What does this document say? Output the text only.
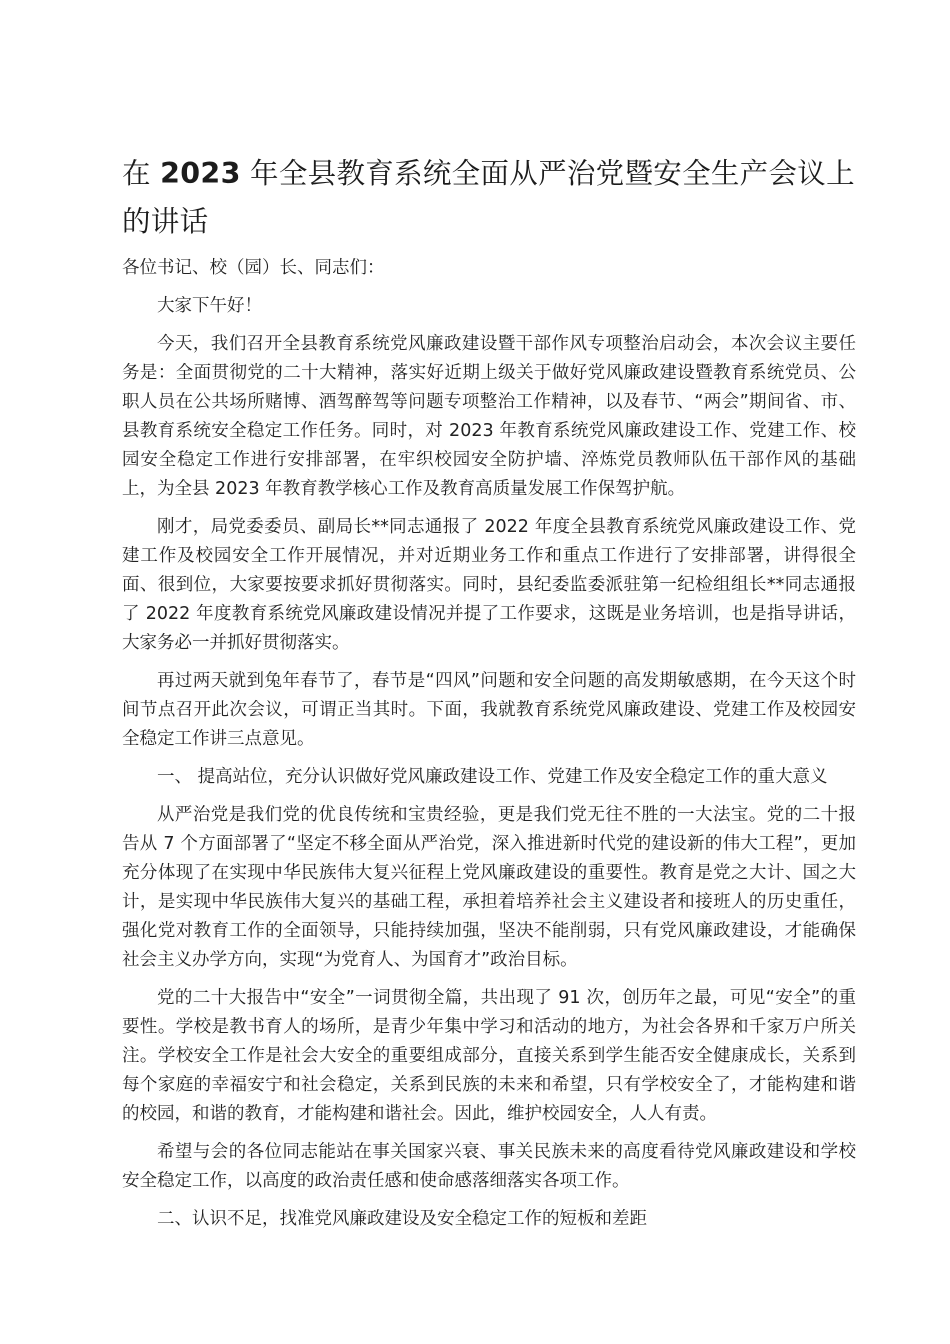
在 2023 年全县教育系统全面从严治党暨安全生产会议上的讲话

各位书记、校（园）长、同志们：

大家下午好！

今天，我们召开全县教育系统党风廉政建设暨干部作风专项整治启动会，本次会议主要任务是：全面贯彻党的二十大精神，落实好近期上级关于做好党风廉政建设暨教育系统党员、公职人员在公共场所赌博、酒驾醉驾等问题专项整治工作精神，以及春节、“两会”期间省、市、县教育系统安全稳定工作任务。同时，对 2023 年教育系统党风廉政建设工作、党建工作、校园安全稳定工作进行安排部署，在牢织校园安全防护墙、淬炼党员教师队伍干部作风的基础上，为全县 2023 年教育教学核心工作及教育高质量发展工作保驾护航。

刚才，局党委委员、副局长**同志通报了 2022 年度全县教育系统党风廉政建设工作、党建工作及校园安全工作开展情况，并对近期业务工作和重点工作进行了安排部署，讲得很全面、很到位，大家要按要求抓好贯彻落实。同时，县纪委监委派驻第一纪检组组长**同志通报了 2022 年度教育系统党风廉政建设情况并提了工作要求，这既是业务培训，也是指导讲话，大家务必一并抓好贯彻落实。

再过两天就到兔年春节了，春节是“四风”问题和安全问题的高发期敏感期，在今天这个时间节点召开此次会议，可谓正当其时。下面，我就教育系统党风廉政建设、党建工作及校园安全稳定工作讲三点意见。

一、 提高站位，充分认识做好党风廉政建设工作、党建工作及安全稳定工作的重大意义

从严治党是我们党的优良传统和宝贵经验，更是我们党无往不胜的一大法宝。党的二十报告从 7 个方面部署了“坚定不移全面从严治党，深入推进新时代党的建设新的伟大工程”，更加充分体现了在实现中华民族伟大复兴征程上党风廉政建设的重要性。教育是党之大计、国之大计，是实现中华民族伟大复兴的基础工程，承担着培养社会主义建设者和接班人的历史重任，强化党对教育工作的全面领导，只能持续加强，坚决不能削弱，只有党风廉政建设，才能确保社会主义办学方向，实现“为党育人、为国育才”政治目标。

党的二十大报告中“安全”一词贯彻全篇，共出现了 91 次，创历年之最，可见“安全”的重要性。学校是教书育人的场所，是青少年集中学习和活动的地方，为社会各界和千家万户所关注。学校安全工作是社会大安全的重要组成部分，直接关系到学生能否安全健康成长，关系到每个家庭的幸福安宁和社会稳定，关系到民族的未来和希望，只有学校安全了，才能构建和谐的校园，和谐的教育，才能构建和谐社会。因此，维护校园安全，人人有责。

希望与会的各位同志能站在事关国家兴衰、事关民族未来的高度看待党风廉政建设和学校安全稳定工作，以高度的政治责任感和使命感落细落实各项工作。

二、认识不足，找准党风廉政建设及安全稳定工作的短板和差距
